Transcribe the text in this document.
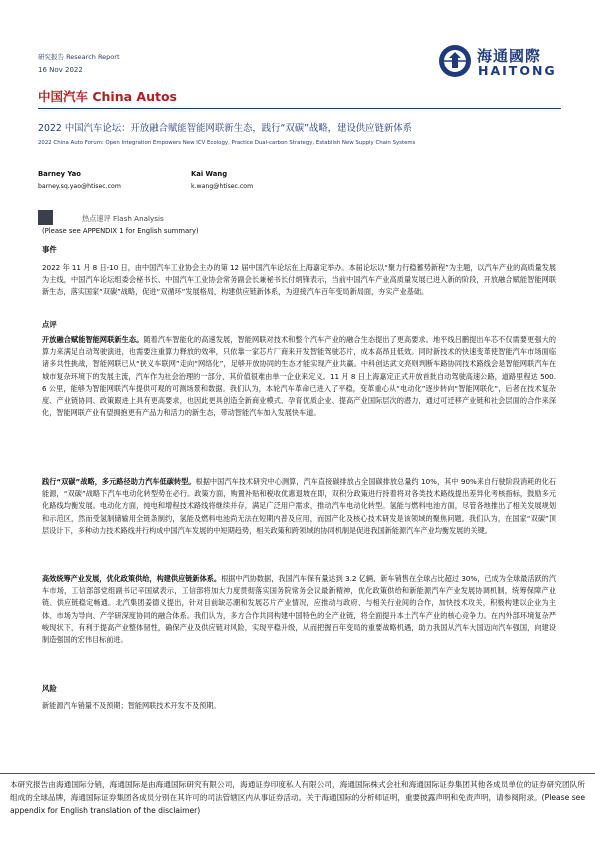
研究报告 Research Report
16 Nov 2022
中国汽车 China Autos
海通國際
HAITONG
2022 中国汽车论坛：开放融合赋能智能网联新生态，践行“双碳”战略，建设供应链新体系
2022 China Auto Forum: Open Integration Empowers New ICV Ecology, Practice Dual-carbon Strategy, Establish New Supply Chain Systems
Barney Yao
barney.sq.yao@htisec.com
Kai Wang
k.wang@htisec.com
热点速评 Flash Analysis
(Please see APPENDIX 1 for English summary)
事件

2022 年 11 月 8 日-10 日，由中国汽车工业协会主办的第 12 届中国汽车论坛在上海嘉定举办。本届论坛以“聚力行稳蓄势新程”为主题，以汽车产业的高质量发展为主线，中国汽车论坛组委会秘书长、中国汽车工业协会常务副会长兼秘书长付炳锋表示，当前中国汽车产业高质量发展已进入新的阶段，开放融合赋能智能网联新生态，落实国家“双碳”战略，促进“双循环”发展格局，构建供应链新体系，为迎接汽车百年变局新局面，夯实产业基础。

点评

开放融合赋能智能网联新生态。随着汽车智能化的高速发展，智能网联对技术和整个汽车产业的融合生态提出了更高要求。地平线吕鹏提出车芯不仅需要更强大的算力来满足自动驾驶演进，也需要注重算力释放的效率，只依靠一家芯片厂商来开发智能驾驶芯片，成本高昂且低效。同时新技术的快速变革使智能汽车市场面临诸多共性挑战，智能网联已从“狭义车联网”走向“网络化”，足够开放协同的生态才能实现产业共赢。中科创达武文亮则判断车路协同技术路线会是智能网联汽车在城市复杂环境下的发展主流，汽车作为社会治理的一部分，其价值很难由单一企业来定义。11 月 8 日上海嘉定正式开放首批自动驾驶高速公路，道路里程达 500.6 公里，能够为智能网联汽车提供可观的可测场景和数据。我们认为，本轮汽车革命已进入了平稳，变革重心从“电动化”逐步转向“智能网联化”，后者在技术复杂度、产业链协同、政策跟进上具有更高要求，也因此更具创造全新商业模式、孕育优质企业、提高产业国际层次的潜力，通过可迁移产业链和社会层面的合作来深化，智能网联产业有望拥抱更有产品力和活力的新生态，带动智能汽车加入发展快车道。

践行“双碳”战略，多元路径助力汽车低碳转型。根据中国汽车技术研究中心测算，汽车直接碳排放占全国碳排放总量约 10%，其中 90%来自行驶阶段消耗的化石能源，“双碳”战略下汽车电动化转型势在必行。政策方面，购置补贴和税收优惠退坡在即，双积分政策进行持着将对各类技术路线提出差异化考核指标，鼓励多元化路线均衡发展。电动化方面，纯电和增程技术路线将继续并存，满足广泛用户需求，推动汽车电动化转型。氢能与燃料电池方面，尽管各地推出了相关发展规划和示范区，然而受氢制储输用全链条制约，氢能及燃料电池尚无法在短期内普及应用，而国产化及核心技术研发是该领域的聚焦问题。我们认为，在国家“双碳”顶层设计下，多种动力技术路线并行构成中国汽车发展的中短期趋势，相关政策和跨领域的协同机制是促进我国新能源汽车产业均衡发展的关键。

高效统筹产业发展，优化政策供给，构建供应链新体系。根据中汽协数据，我国汽车保有量达到 3.2 亿辆，新车销售在全球占比超过 30%，已成为全球最活跃的汽车市场，工信部部党组副书记辛国斌表示，工信部将加大力度贯彻落实国务院常务会议最新精神，优化政策供给和新能源汽车产业发展协调机制，统筹保障产业链、供应链稳定畅通。北汽集团姜德义提出，针对目前缺芯潮和发展芯片产业情况，应推动与政府、与相关行业间的合作，加快技术攻关，积极构建以企业为主体、市场为导向、产学研深度协同的融合体系。我们认为，多方合作共同构建中国特色的全产业链，将全面提升本土汽车产业的核心竞争力。在内外部环境复杂严峻现状下，有利于提高产业整体韧性，确保产业及供应链对风险，实现平稳升级，从而把握百年变局的重要战略机遇，助力我国从汽车大国迈向汽车强国，向建设制造强国的宏伟目标前进。

风险
新能源汽车销量不及预期；智能网联技术开发不及预期。
本研究报告由海通国际分销，海通国际是由海通国际研究有限公司，海通证券印度私人有限公司，海通国际株式会社和海通国际证券集团其他各成员单位的证券研究团队所组成的全球品牌，海通国际证券集团各成员分别在其许可的司法管辖区内从事证券活动。关于海通国际的分析师证明，重要披露声明和免责声明，请参阅附录。(Please see appendix for English translation of the disclaimer)
